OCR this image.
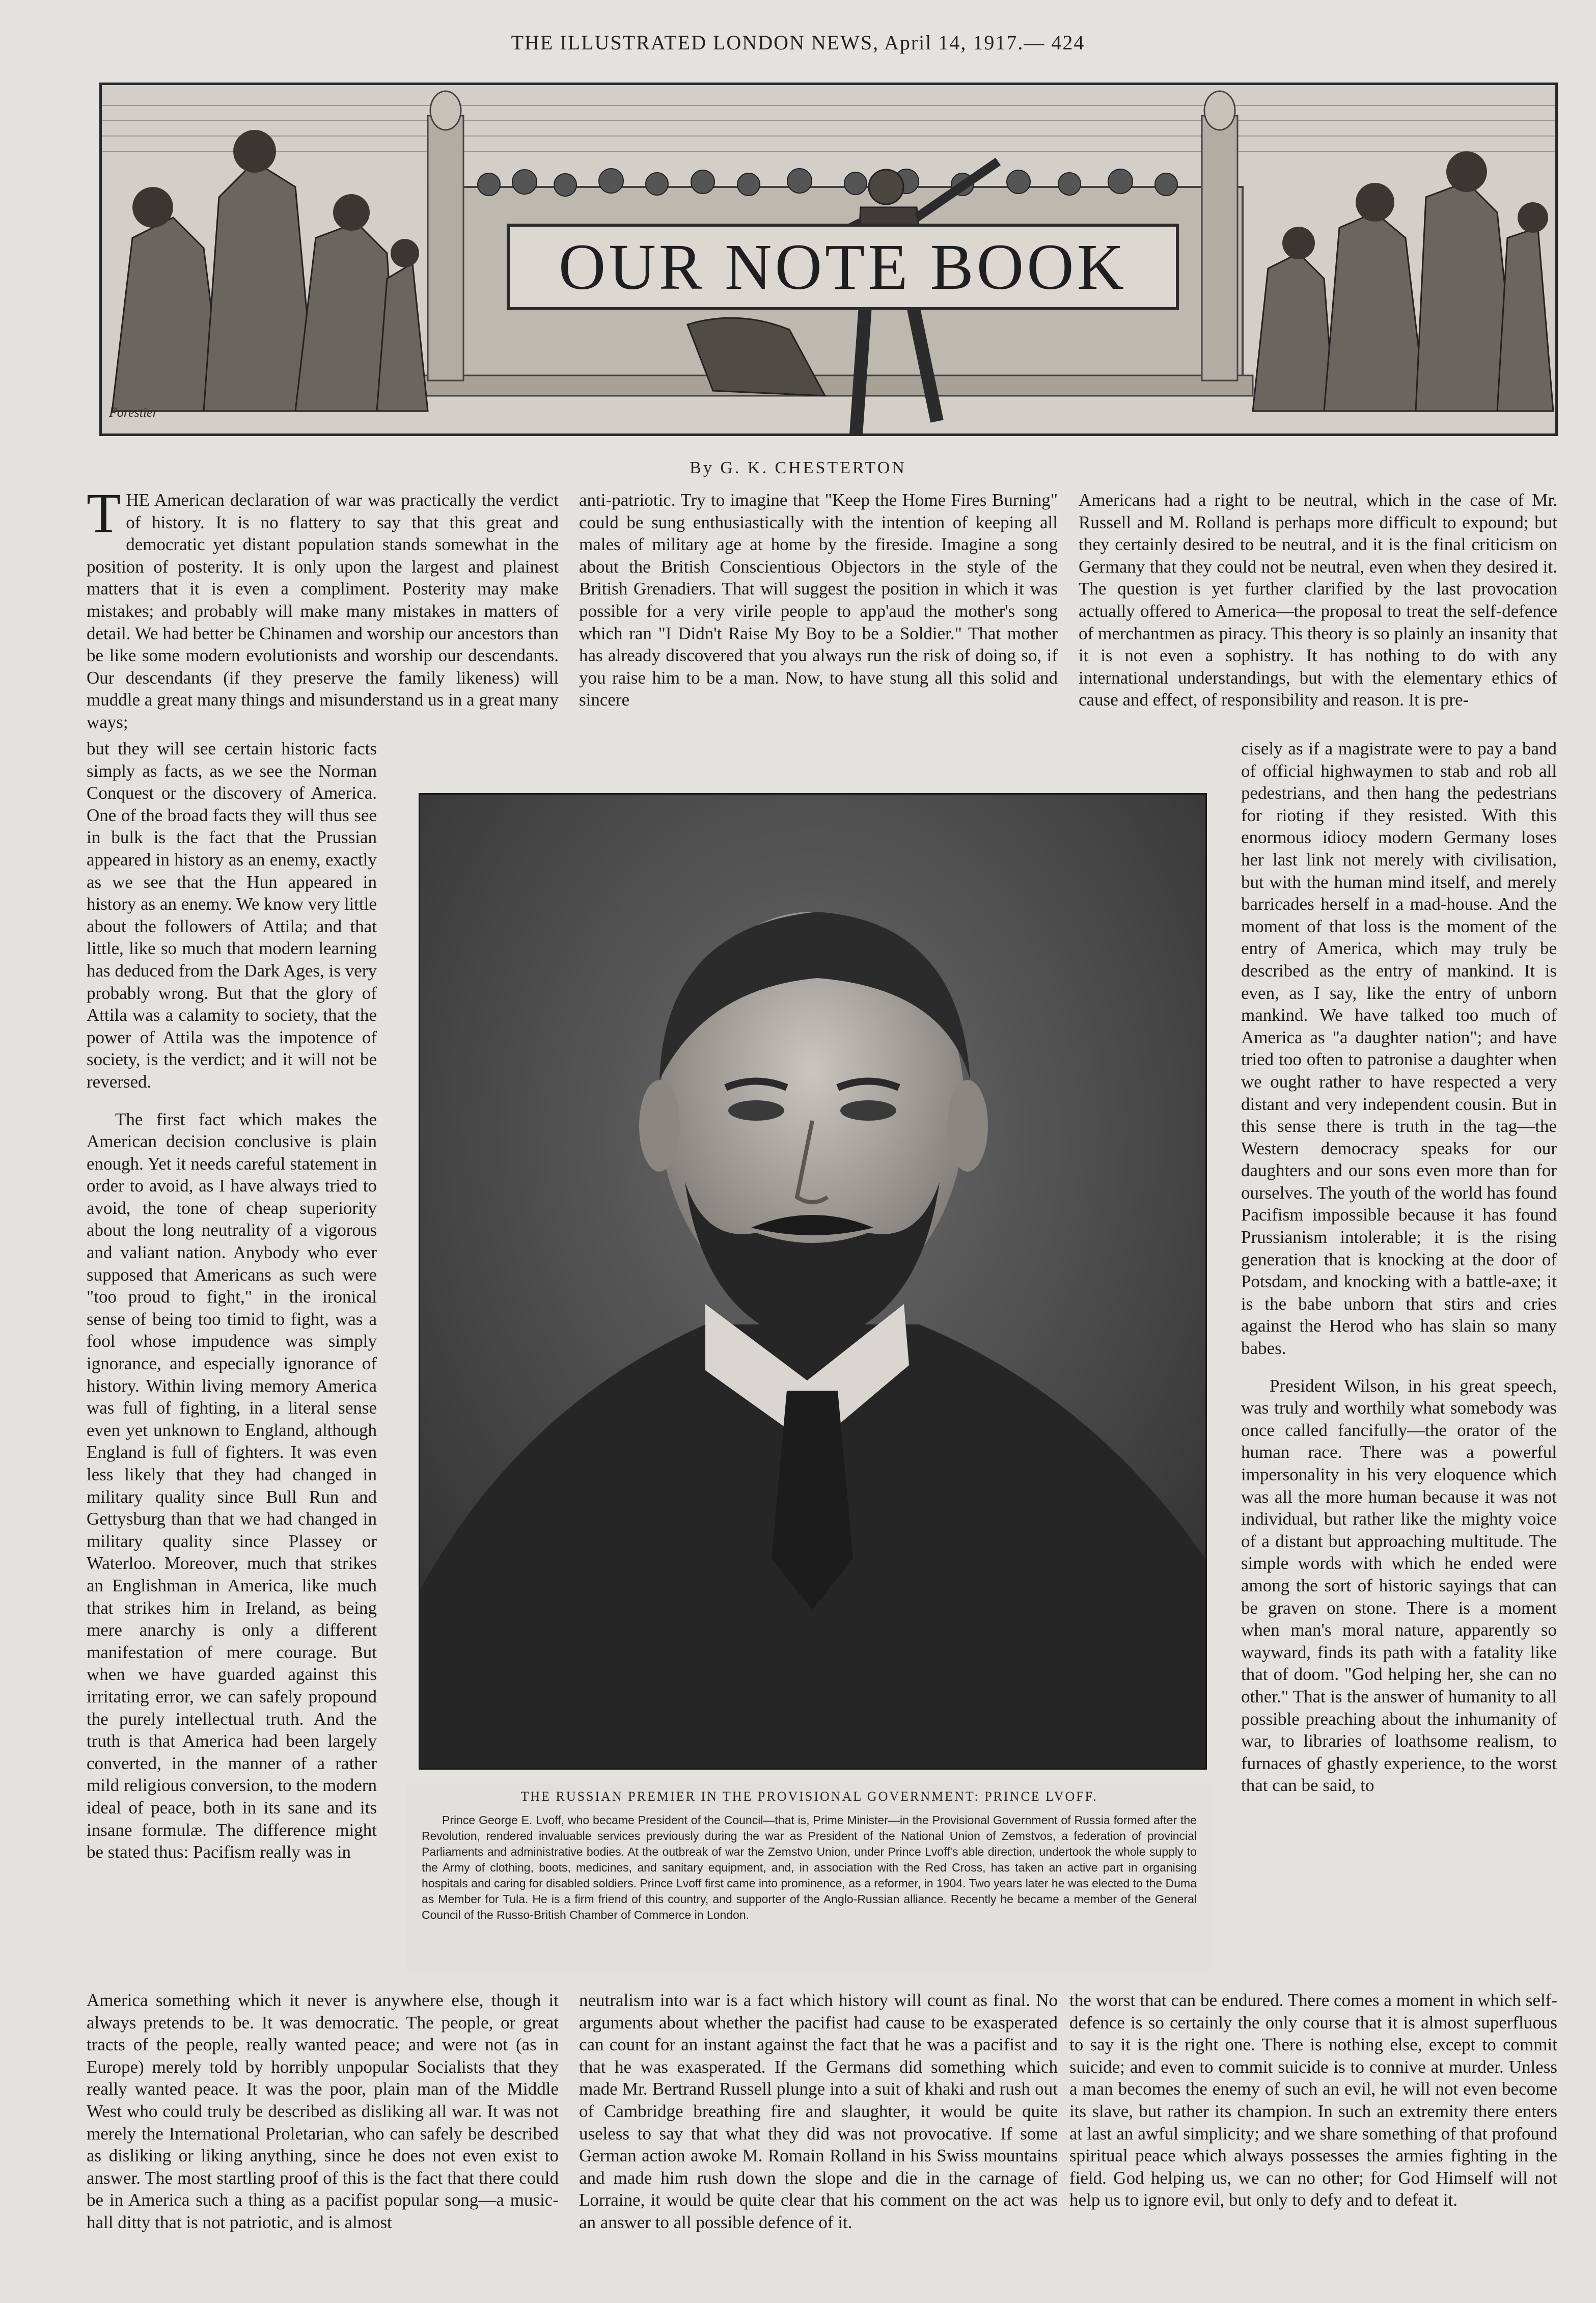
THE ILLUSTRATED LONDON NEWS, April 14, 1917.— 424
OUR NOTE BOOK
Forestier
By G. K. CHESTERTON

THE American declaration of war was practically the verdict of history. It is no flattery to say that this great and democratic yet distant population stands somewhat in the position of posterity. It is only upon the largest and plainest matters that it is even a compliment. Posterity may make mistakes; and probably will make many mistakes in matters of detail. We had better be Chinamen and worship our ancestors than be like some modern evolutionists and worship our descendants. Our descendants (if they preserve the family likeness) will muddle a great many things and misunderstand us in a great many ways;

but they will see certain historic facts simply as facts, as we see the Norman Conquest or the discovery of America. One of the broad facts they will thus see in bulk is the fact that the Prussian appeared in history as an enemy, exactly as we see that the Hun appeared in history as an enemy. We know very little about the followers of Attila; and that little, like so much that modern learning has deduced from the Dark Ages, is very probably wrong. But that the glory of Attila was a calamity to society, that the power of Attila was the impotence of society, is the verdict; and it will not be reversed.

The first fact which makes the American decision conclusive is plain enough. Yet it needs careful statement in order to avoid, as I have always tried to avoid, the tone of cheap superiority about the long neutrality of a vigorous and valiant nation. Anybody who ever supposed that Americans as such were "too proud to fight," in the ironical sense of being too timid to fight, was a fool whose impudence was simply ignorance, and especially ignorance of history. Within living memory America was full of fighting, in a literal sense even yet unknown to England, although England is full of fighters. It was even less likely that they had changed in military quality since Bull Run and Gettysburg than that we had changed in military quality since Plassey or Waterloo. Moreover, much that strikes an Englishman in America, like much that strikes him in Ireland, as being mere anarchy is only a different manifestation of mere courage. But when we have guarded against this irritating error, we can safely propound the purely intellectual truth. And the truth is that America had been largely converted, in the manner of a rather mild religious conversion, to the modern ideal of peace, both in its sane and its insane formulæ. The difference might be stated thus: Pacifism really was in

America something which it never is anywhere else, though it always pretends to be. It was democratic. The people, or great tracts of the people, really wanted peace; and were not (as in Europe) merely told by horribly unpopular Socialists that they really wanted peace. It was the poor, plain man of the Middle West who could truly be described as disliking all war. It was not merely the International Proletarian, who can safely be described as disliking or liking anything, since he does not even exist to answer. The most startling proof of this is the fact that there could be in America such a thing as a pacifist popular song—a music-hall ditty that is not patriotic, and is almost

anti-patriotic. Try to imagine that "Keep the Home Fires Burning" could be sung enthusiastically with the intention of keeping all males of military age at home by the fireside. Imagine a song about the British Conscientious Objectors in the style of the British Grenadiers. That will suggest the position in which it was possible for a very virile people to app'aud the mother's song which ran "I Didn't Raise My Boy to be a Soldier." That mother has already discovered that you always run the risk of doing so, if you raise him to be a man. Now, to have stung all this solid and sincere

neutralism into war is a fact which history will count as final. No arguments about whether the pacifist had cause to be exasperated can count for an instant against the fact that he was a pacifist and that he was exasperated. If the Germans did something which made Mr. Bertrand Russell plunge into a suit of khaki and rush out of Cambridge breathing fire and slaughter, it would be quite useless to say that what they did was not provocative. If some German action awoke M. Romain Rolland in his Swiss mountains and made him rush down the slope and die in the carnage of Lorraine, it would be quite clear that his comment on the act was an answer to all possible defence of it.

Americans had a right to be neutral, which in the case of Mr. Russell and M. Rolland is perhaps more difficult to expound; but they certainly desired to be neutral, and it is the final criticism on Germany that they could not be neutral, even when they desired it. The question is yet further clarified by the last provocation actually offered to America—the proposal to treat the self-defence of merchantmen as piracy. This theory is so plainly an insanity that it is not even a sophistry. It has nothing to do with any international understandings, but with the elementary ethics of cause and effect, of responsibility and reason. It is pre-

cisely as if a magistrate were to pay a band of official highwaymen to stab and rob all pedestrians, and then hang the pedestrians for rioting if they resisted. With this enormous idiocy modern Germany loses her last link not merely with civilisation, but with the human mind itself, and merely barricades herself in a mad-house. And the moment of that loss is the moment of the entry of America, which may truly be described as the entry of mankind. It is even, as I say, like the entry of unborn mankind. We have talked too much of America as "a daughter nation"; and have tried too often to patronise a daughter when we ought rather to have respected a very distant and very independent cousin. But in this sense there is truth in the tag—the Western democracy speaks for our daughters and our sons even more than for ourselves. The youth of the world has found Pacifism impossible because it has found Prussianism intolerable; it is the rising generation that is knocking at the door of Potsdam, and knocking with a battle-axe; it is the babe unborn that stirs and cries against the Herod who has slain so many babes.

President Wilson, in his great speech, was truly and worthily what somebody was once called fancifully—the orator of the human race. There was a powerful impersonality in his very eloquence which was all the more human because it was not individual, but rather like the mighty voice of a distant but approaching multitude. The simple words with which he ended were among the sort of historic sayings that can be graven on stone. There is a moment when man's moral nature, apparently so wayward, finds its path with a fatality like that of doom. "God helping her, she can no other." That is the answer of humanity to all possible preaching about the inhumanity of war, to libraries of loathsome realism, to furnaces of ghastly experience, to the worst that can be said, to

the worst that can be endured. There comes a moment in which self-defence is so certainly the only course that it is almost superfluous to say it is the right one. There is nothing else, except to commit suicide; and even to commit suicide is to connive at murder. Unless a man becomes the enemy of such an evil, he will not even become its slave, but rather its champion. In such an extremity there enters at last an awful simplicity; and we share something of that profound spiritual peace which always possesses the armies fighting in the field. God helping us, we can no other; for God Himself will not help us to ignore evil, but only to defy and to defeat it.

THE RUSSIAN PREMIER IN THE PROVISIONAL GOVERNMENT: PRINCE LVOFF.
Prince George E. Lvoff, who became President of the Council—that is, Prime Minister—in the Provisional Government of Russia formed after the Revolution, rendered invaluable services previously during the war as President of the National Union of Zemstvos, a federation of provincial Parliaments and administrative bodies. At the outbreak of war the Zemstvo Union, under Prince Lvoff's able direction, undertook the whole supply to the Army of clothing, boots, medicines, and sanitary equipment, and, in association with the Red Cross, has taken an active part in organising hospitals and caring for disabled soldiers. Prince Lvoff first came into prominence, as a reformer, in 1904. Two years later he was elected to the Duma as Member for Tula. He is a firm friend of this country, and supporter of the Anglo-Russian alliance. Recently he became a member of the General Council of the Russo-British Chamber of Commerce in London.
